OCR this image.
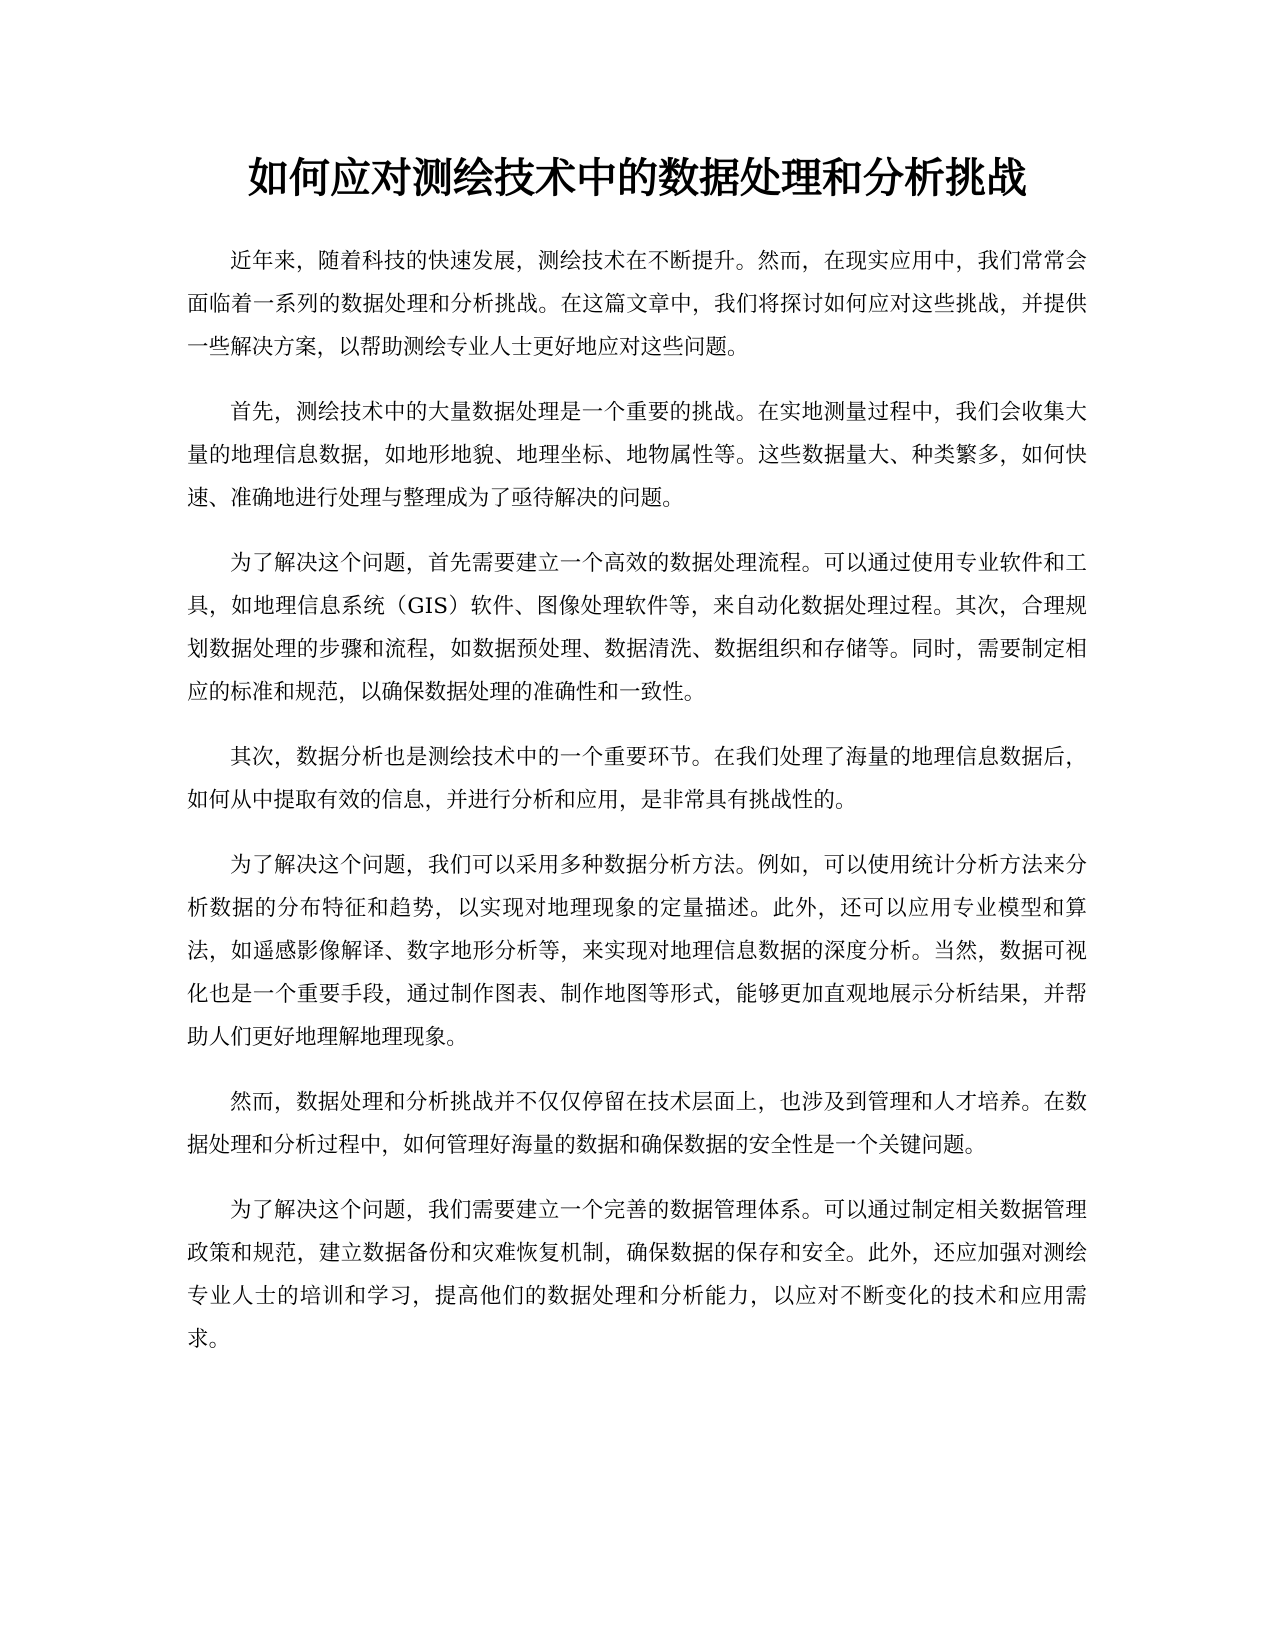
如何应对测绘技术中的数据处理和分析挑战

近年来，随着科技的快速发展，测绘技术在不断提升。然而，在现实应用中，我们常常会面临着一系列的数据处理和分析挑战。在这篇文章中，我们将探讨如何应对这些挑战，并提供一些解决方案，以帮助测绘专业人士更好地应对这些问题。

首先，测绘技术中的大量数据处理是一个重要的挑战。在实地测量过程中，我们会收集大量的地理信息数据，如地形地貌、地理坐标、地物属性等。这些数据量大、种类繁多，如何快速、准确地进行处理与整理成为了亟待解决的问题。

为了解决这个问题，首先需要建立一个高效的数据处理流程。可以通过使用专业软件和工具，如地理信息系统（GIS）软件、图像处理软件等，来自动化数据处理过程。其次，合理规划数据处理的步骤和流程，如数据预处理、数据清洗、数据组织和存储等。同时，需要制定相应的标准和规范，以确保数据处理的准确性和一致性。

其次，数据分析也是测绘技术中的一个重要环节。在我们处理了海量的地理信息数据后，如何从中提取有效的信息，并进行分析和应用，是非常具有挑战性的。

为了解决这个问题，我们可以采用多种数据分析方法。例如，可以使用统计分析方法来分析数据的分布特征和趋势，以实现对地理现象的定量描述。此外，还可以应用专业模型和算法，如遥感影像解译、数字地形分析等，来实现对地理信息数据的深度分析。当然，数据可视化也是一个重要手段，通过制作图表、制作地图等形式，能够更加直观地展示分析结果，并帮助人们更好地理解地理现象。

然而，数据处理和分析挑战并不仅仅停留在技术层面上，也涉及到管理和人才培养。在数据处理和分析过程中，如何管理好海量的数据和确保数据的安全性是一个关键问题。

为了解决这个问题，我们需要建立一个完善的数据管理体系。可以通过制定相关数据管理政策和规范，建立数据备份和灾难恢复机制，确保数据的保存和安全。此外，还应加强对测绘专业人士的培训和学习，提高他们的数据处理和分析能力，以应对不断变化的技术和应用需求。
